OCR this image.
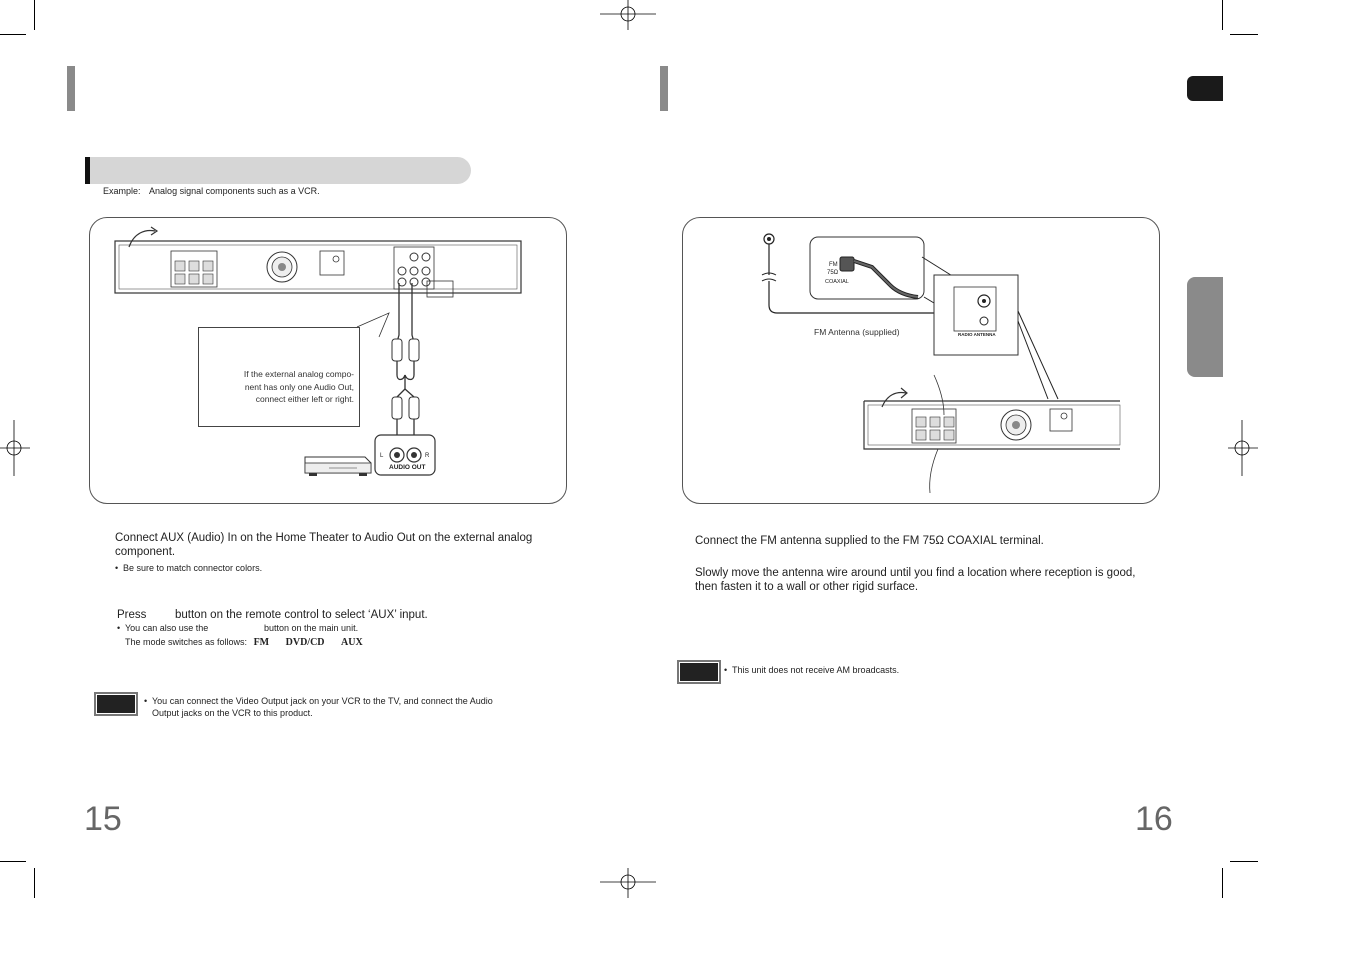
Example: Analog signal components such as a VCR.
If the external analog compo-
nent has only one Audio Out,
connect either left or right.
L	R
AUDIO OUT
Connect AUX (Audio) In on the Home Theater to Audio Out on the external analog component.
• Be sure to match connector colors.
Press button on the remote control to select ‘AUX’ input.
• You can also use the	button on the main unit.
The mode switches as follows: FM DVD/CD AUX
• You can connect the Video Output jack on your VCR to the TV, and connect the Audio
Output jacks on the VCR to this product.
15
FM
75Ω
COAXIAL
RADIO ANTENNA
FM Antenna (supplied)
Connect the FM antenna supplied to the FM 75Ω COAXIAL terminal.
Slowly move the antenna wire around until you find a location where reception is good,
then fasten it to a wall or other rigid surface.
• This unit does not receive AM broadcasts.
16
